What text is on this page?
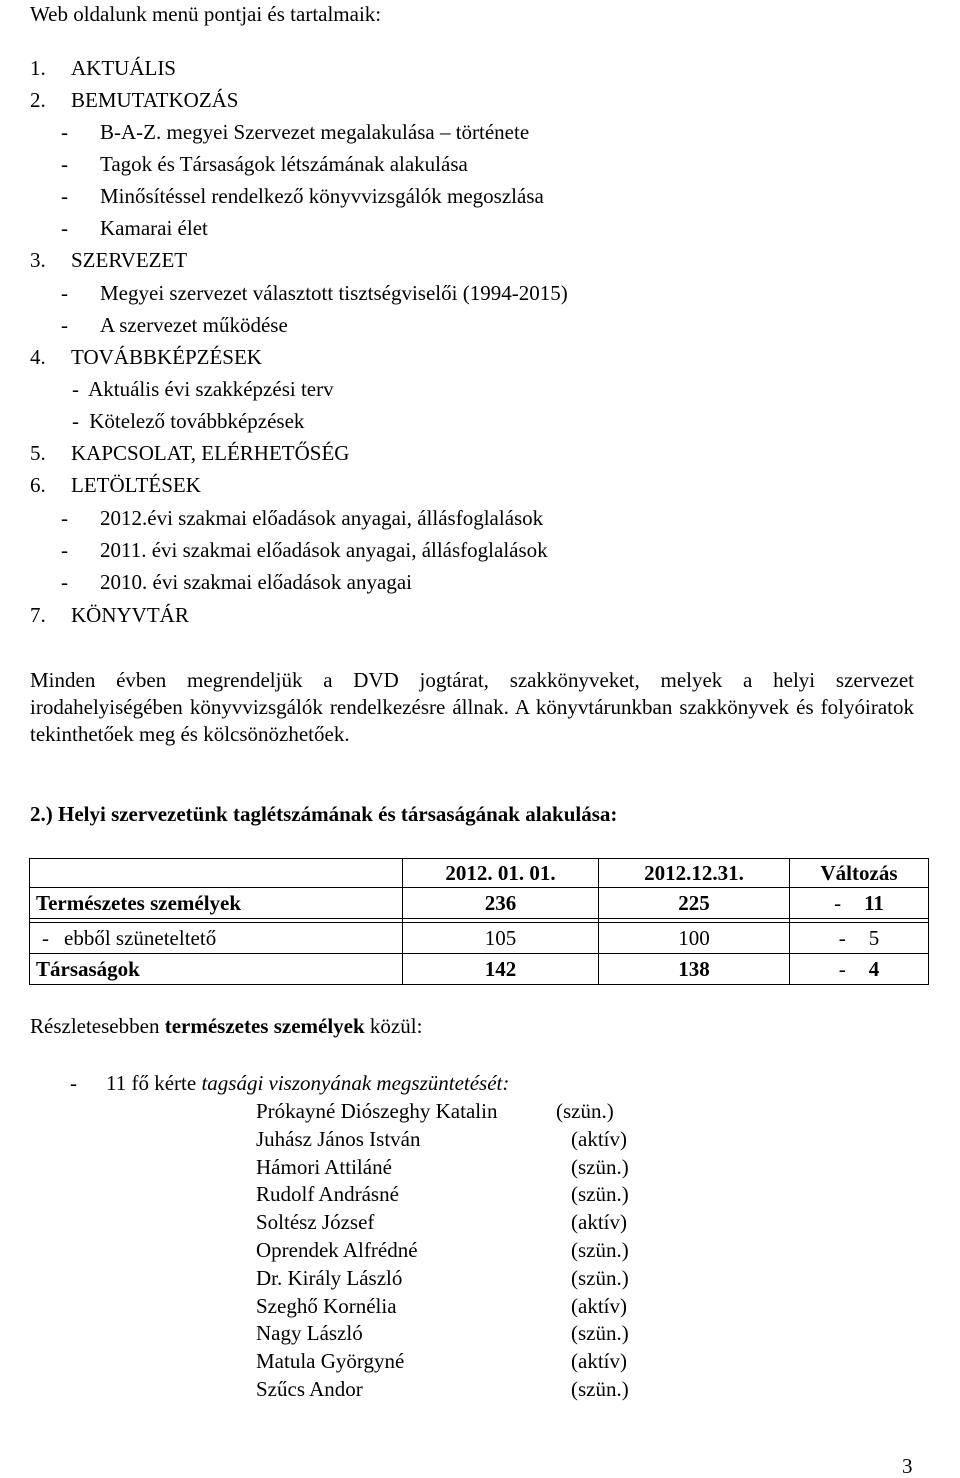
Web oldalunk menü pontjai és tartalmaik:
1. AKTUÁLIS
2. BEMUTATKOZÁS
- B-A-Z. megyei Szervezet megalakulása – története
- Tagok és Társaságok létszámának alakulása
- Minősítéssel rendelkező könyvvizsgálók megoszlása
- Kamarai élet
3. SZERVEZET
- Megyei szervezet választott tisztségviselői (1994-2015)
- A szervezet működése
4. TOVÁBBKÉPZÉSEK
- Aktuális évi szakképzési terv
- Kötelező továbbképzések
5. KAPCSOLAT, ELÉRHETŐSÉG
6. LETÖLTÉSEK
- 2012.évi szakmai előadások anyagai, állásfoglalások
- 2011. évi szakmai előadások anyagai, állásfoglalások
- 2010. évi szakmai előadások anyagai
7. KÖNYVTÁR
Minden évben megrendeljük a DVD jogtárat, szakkönyveket, melyek a helyi szervezet irodahelyiségében könyvvizsgálók rendelkezésre állnak. A könyvtárunkban szakkönyvek és folyóiratok tekinthetőek meg és kölcsönözhetőek.
2.) Helyi szervezetünk taglétszámának és társaságának alakulása:
	2012. 01. 01.	2012.12.31.	Változás
Természetes személyek	236	225	- 11

- ebből szüneteltető	105	100	- 5
Társaságok	142	138	- 4
Részletesebben természetes személyek közül:
- 11 fő kérte tagsági viszonyának megszüntetését:
Prókayné Diószeghy Katalin	(szün.)
Juhász János István	(aktív)
Hámori Attiláné	(szün.)
Rudolf Andrásné	(szün.)
Soltész József	(aktív)
Oprendek Alfrédné	(szün.)
Dr. Király László	(szün.)
Szeghő Kornélia	(aktív)
Nagy László	(szün.)
Matula Györgyné	(aktív)
Szűcs Andor	(szün.)
3
